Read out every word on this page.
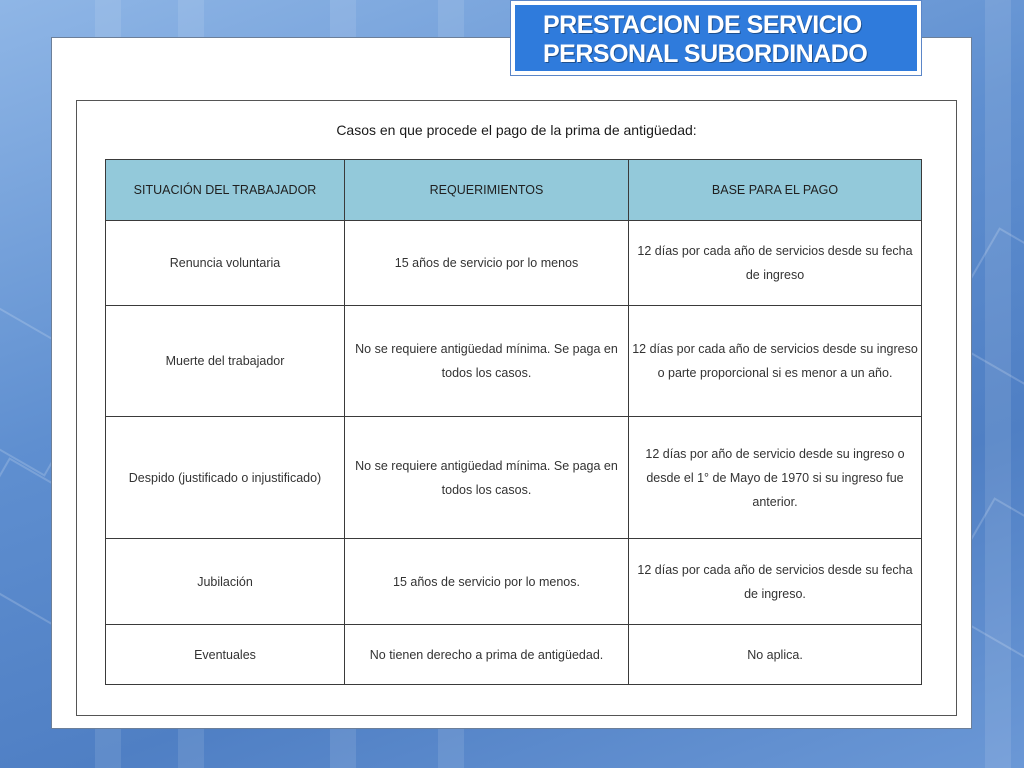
PRESTACION DE SERVICIO
PERSONAL SUBORDINADO
Casos en que procede el pago de la prima de antigüedad:
SITUACIÓN DEL TRABAJADOR	REQUERIMIENTOS	BASE PARA EL PAGO
Renuncia voluntaria	15 años de servicio por lo menos	12 días por cada año de servicios desde su fecha de ingreso
Muerte del trabajador	No se requiere antigüedad mínima. Se paga en todos los casos.	12 días por cada año de servicios desde su ingreso o parte proporcional si es menor a un año.
Despido (justificado o injustificado)	No se requiere antigüedad mínima. Se paga en todos los casos.	12 días por año de servicio desde su ingreso o desde el 1° de Mayo de 1970 si su ingreso fue anterior.
Jubilación	15 años de servicio por lo menos.	12 días por cada año de servicios desde su fecha de ingreso.
Eventuales	No tienen derecho a prima de antigüedad.	No aplica.
